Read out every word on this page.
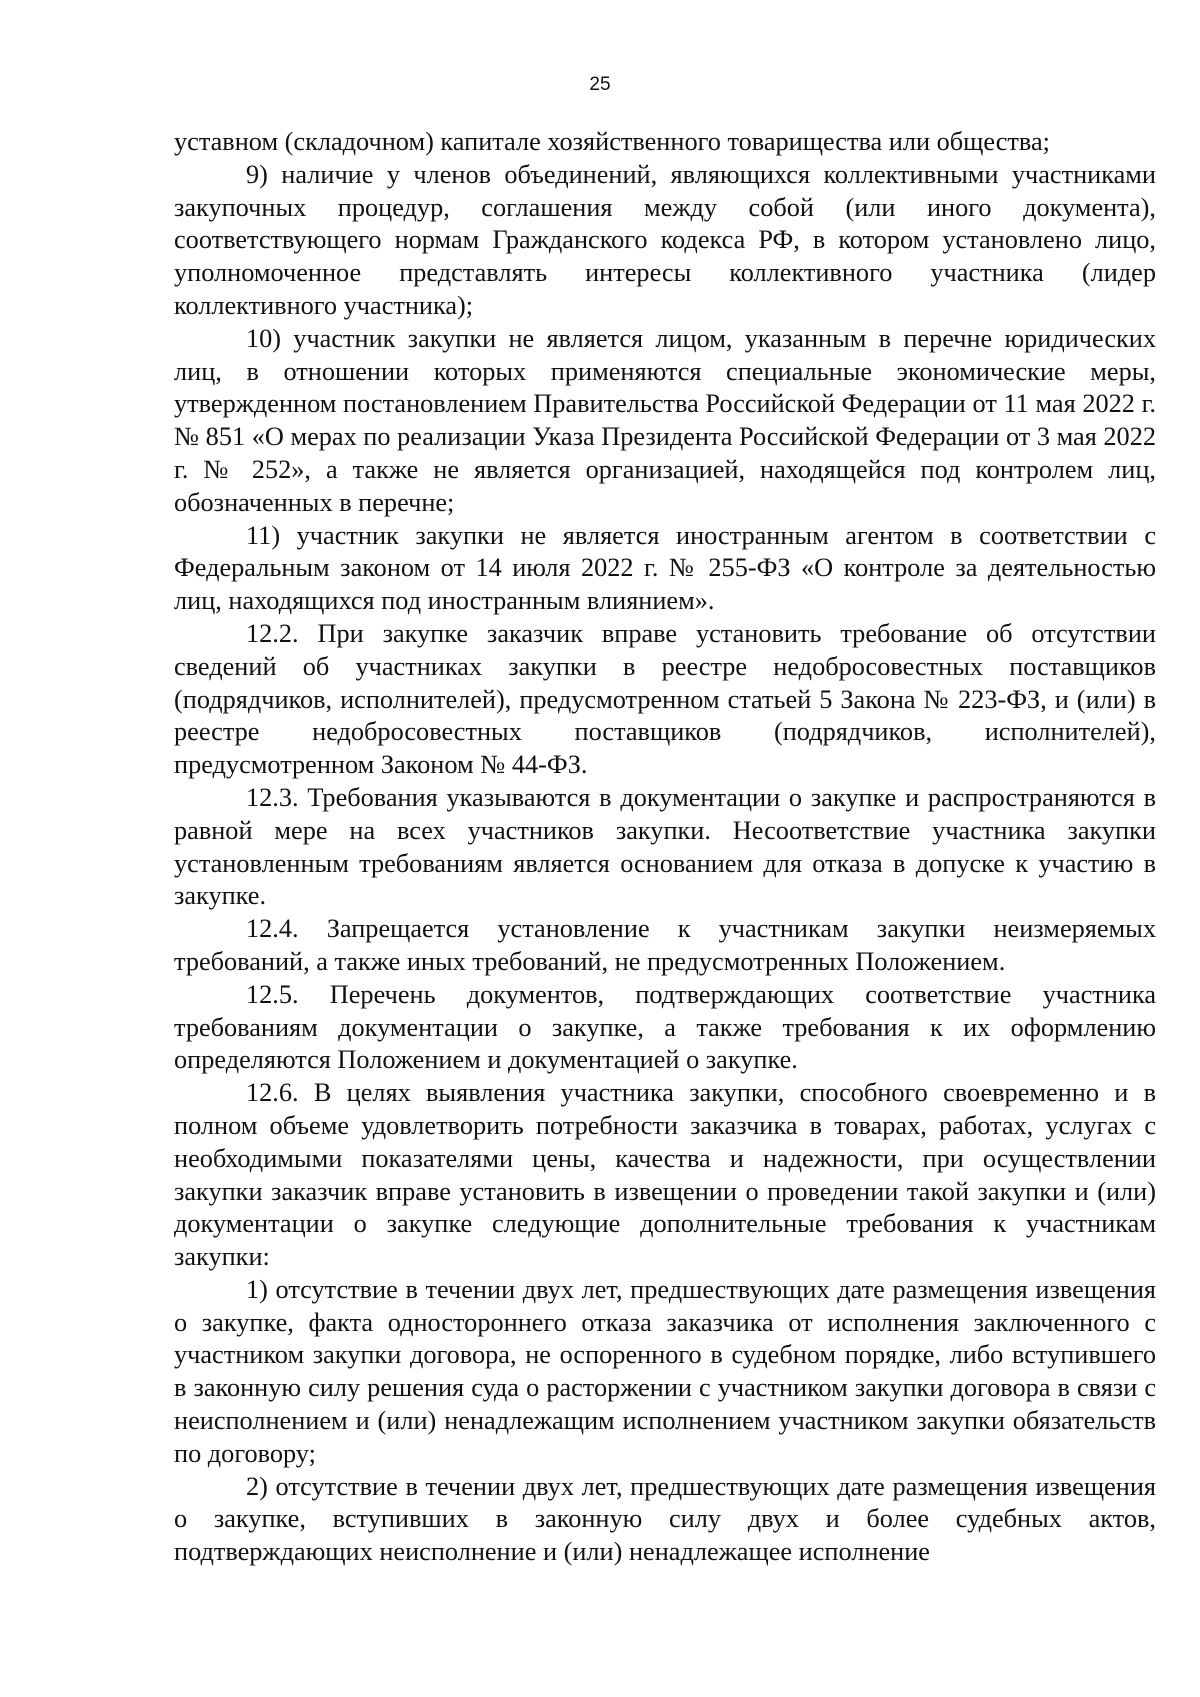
25

уставном (складочном) капитале хозяйственного товарищества или общества;

9) наличие у членов объединений, являющихся коллективными участниками закупочных процедур, соглашения между собой (или иного документа), соответствующего нормам Гражданского кодекса РФ, в котором установлено лицо, уполномоченное представлять интересы коллективного участника (лидер коллективного участника);

10) участник закупки не является лицом, указанным в перечне юридических лиц, в отношении которых применяются специальные экономические меры, утвержденном постановлением Правительства Российской Федерации от 11 мая 2022 г. № 851 «О мерах по реализации Указа Президента Российской Федерации от 3 мая 2022 г. № 252», а также не является организацией, находящейся под контролем лиц, обозначенных в перечне;

11) участник закупки не является иностранным агентом в соответствии с Федеральным законом от 14 июля 2022 г. № 255-ФЗ «О контроле за деятельностью лиц, находящихся под иностранным влиянием».

12.2. При закупке заказчик вправе установить требование об отсутствии сведений об участниках закупки в реестре недобросовестных поставщиков (подрядчиков, исполнителей), предусмотренном статьей 5 Закона № 223-ФЗ, и (или) в реестре недобросовестных поставщиков (подрядчиков, исполнителей), предусмотренном Законом № 44-ФЗ.

12.3. Требования указываются в документации о закупке и распространяются в равной мере на всех участников закупки. Несоответствие участника закупки установленным требованиям является основанием для отказа в допуске к участию в закупке.

12.4. Запрещается установление к участникам закупки неизмеряемых требований, а также иных требований, не предусмотренных Положением.

12.5. Перечень документов, подтверждающих соответствие участника требованиям документации о закупке, а также требования к их оформлению определяются Положением и документацией о закупке.

12.6. В целях выявления участника закупки, способного своевременно и в полном объеме удовлетворить потребности заказчика в товарах, работах, услугах с необходимыми показателями цены, качества и надежности, при осуществлении закупки заказчик вправе установить в извещении о проведении такой закупки и (или) документации о закупке следующие дополнительные требования к участникам закупки:

1) отсутствие в течении двух лет, предшествующих дате размещения извещения о закупке, факта одностороннего отказа заказчика от исполнения заключенного с участником закупки договора, не оспоренного в судебном порядке, либо вступившего в законную силу решения суда о расторжении с участником закупки договора в связи с неисполнением и (или) ненадлежащим исполнением участником закупки обязательств по договору;

2) отсутствие в течении двух лет, предшествующих дате размещения извещения о закупке, вступивших в законную силу двух и более судебных актов, подтверждающих неисполнение и (или) ненадлежащее исполнение
